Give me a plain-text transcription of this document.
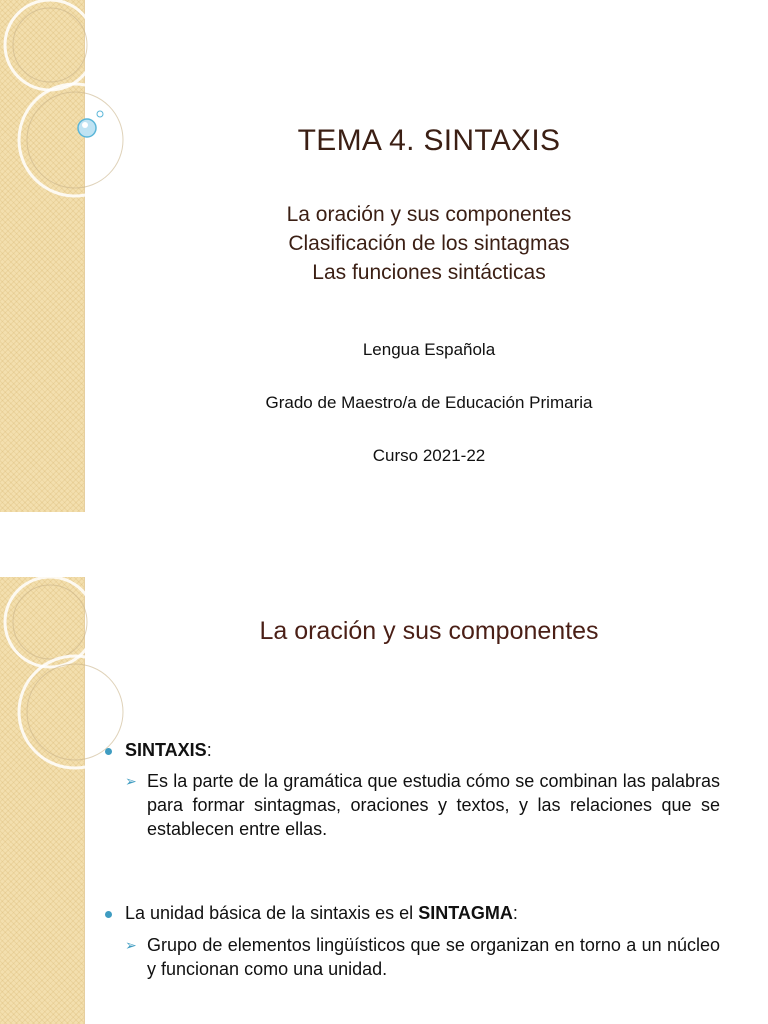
TEMA 4. SINTAXIS
La oración y sus componentes
Clasificación de los sintagmas
Las funciones sintácticas
Lengua Española
Grado de Maestro/a de Educación Primaria
Curso 2021-22
La oración y sus componentes
SINTAXIS:
➢ Es la parte de la gramática que estudia cómo se combinan las palabras para formar sintagmas, oraciones y textos, y las relaciones que se establecen entre ellas.
La unidad básica de la sintaxis es el SINTAGMA:
➢ Grupo de elementos lingüísticos que se organizan en torno a un núcleo y funcionan como una unidad.
